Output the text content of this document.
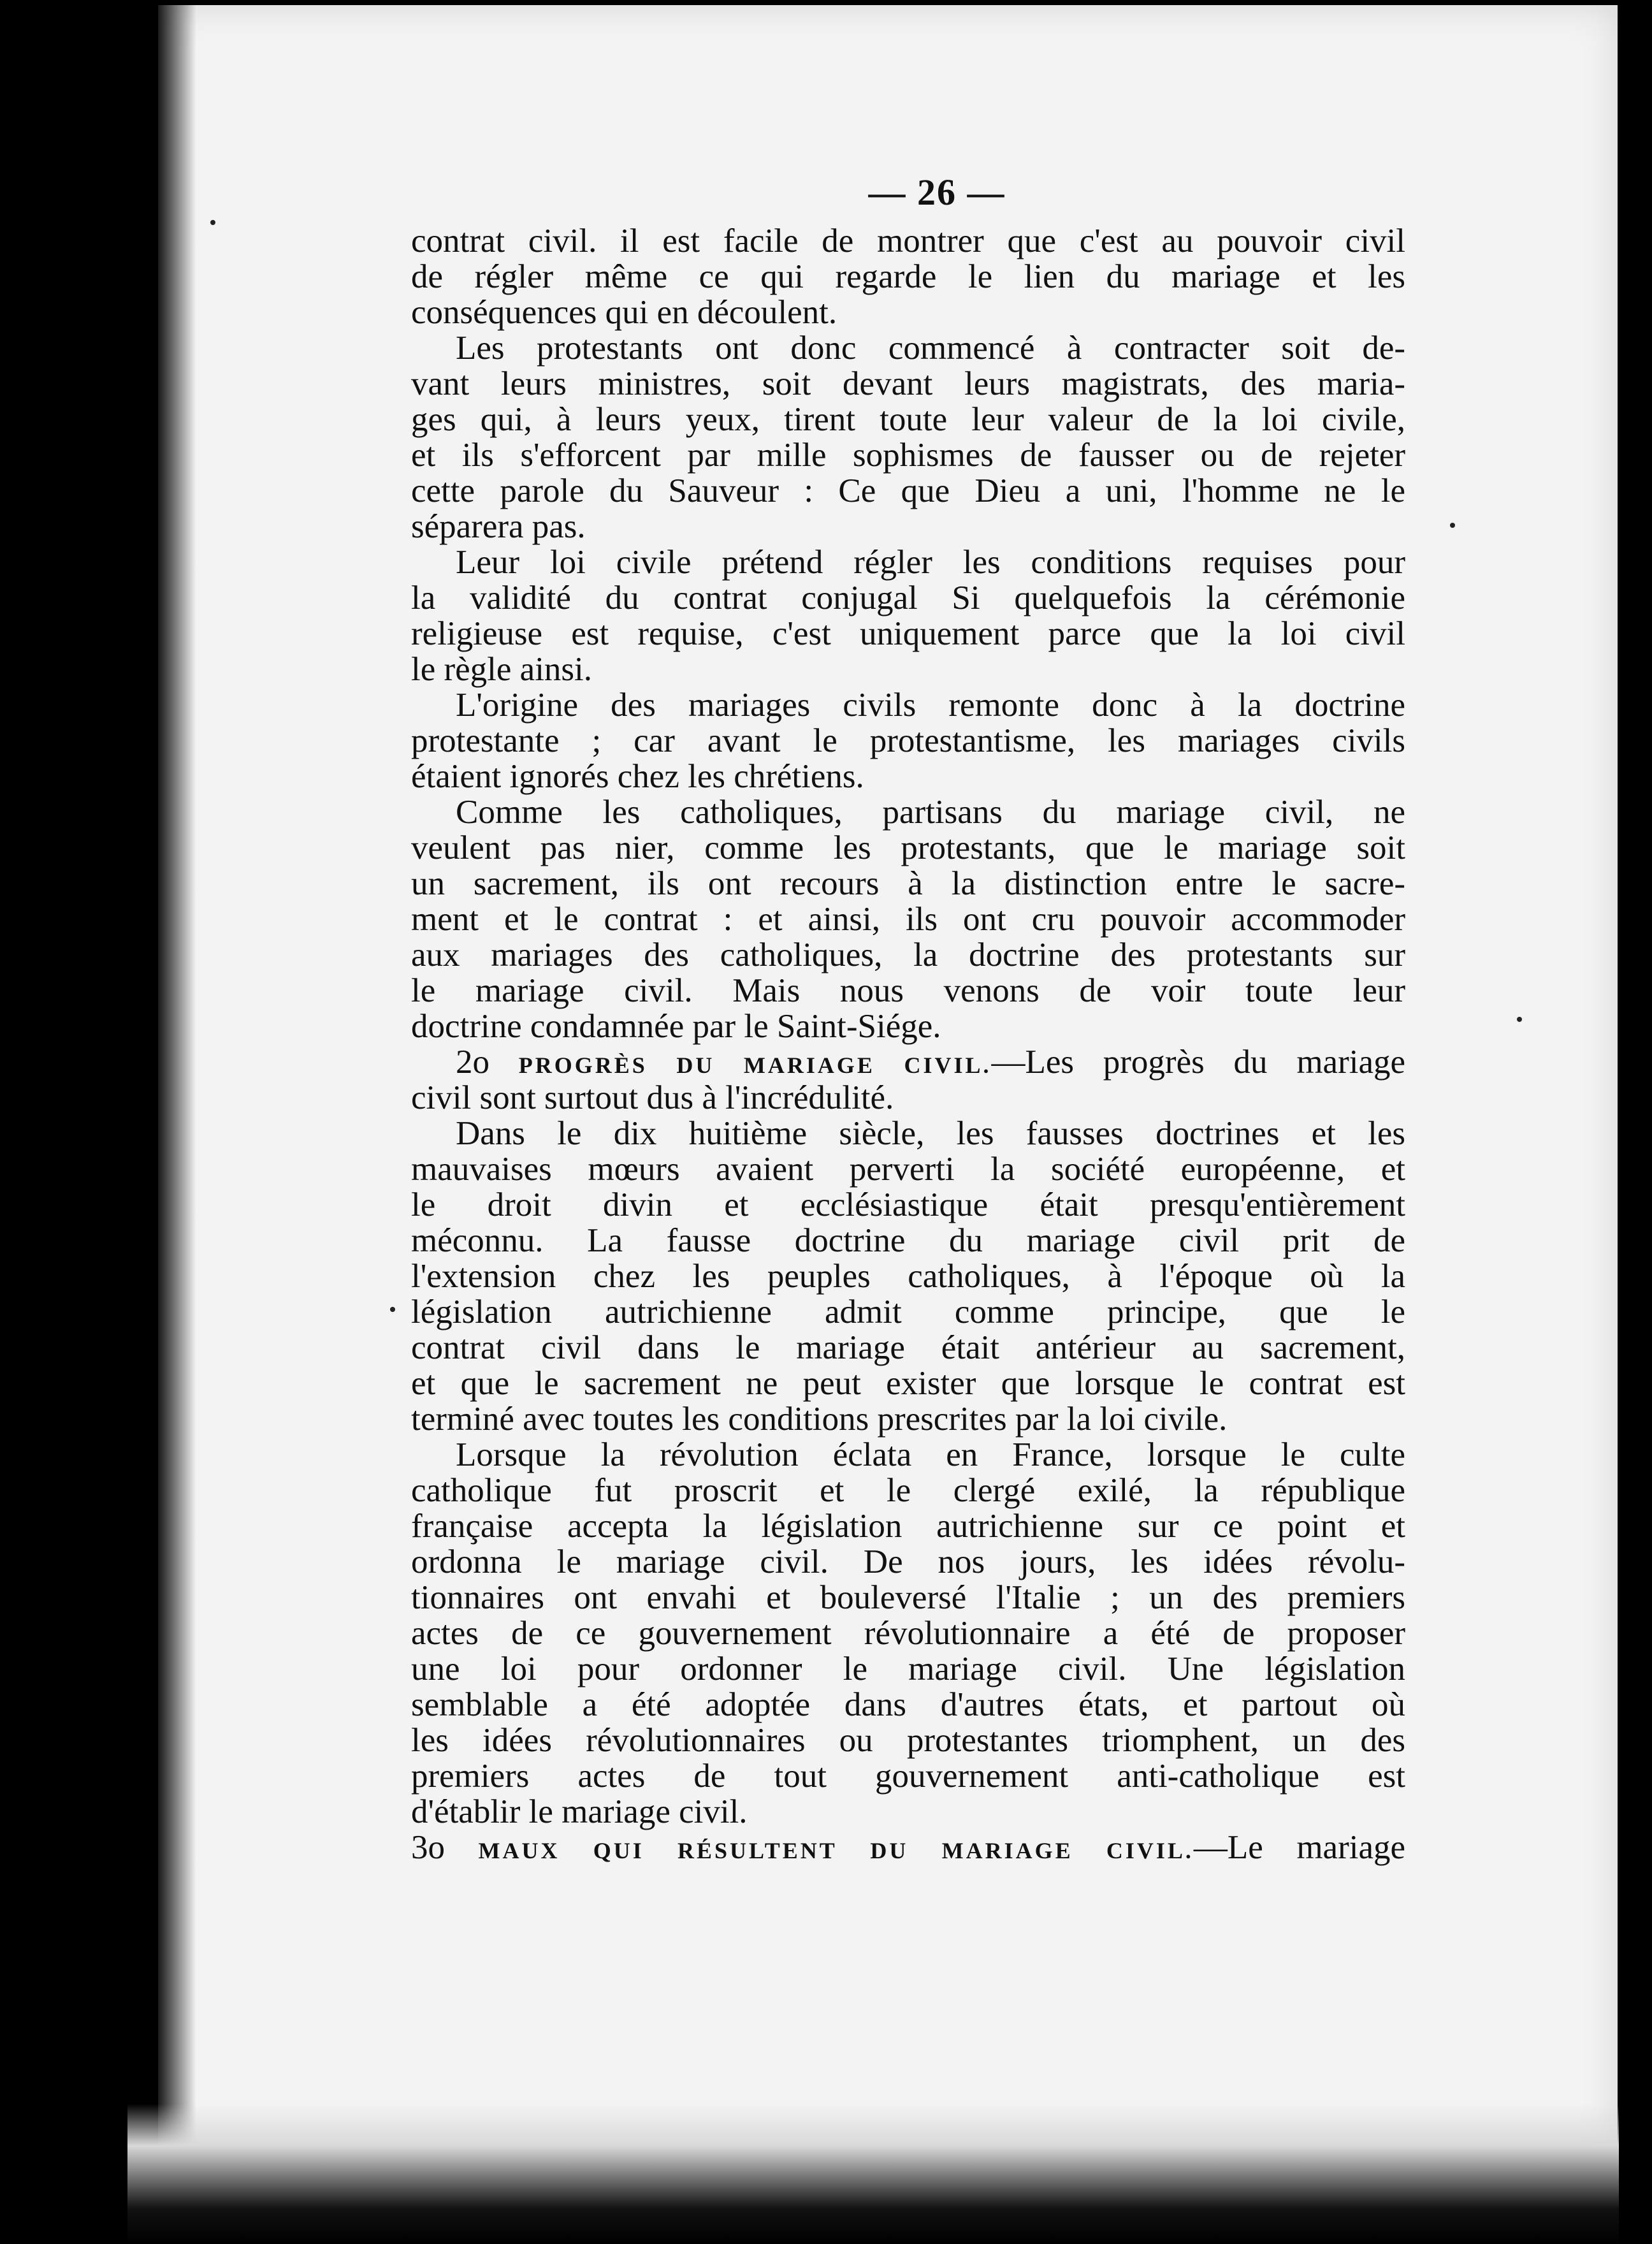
— 26 —
contrat civil. il est facile de montrer que c'est au pouvoir civil
de régler même ce qui regarde le lien du mariage et les
conséquences qui en découlent.
Les protestants ont donc commencé à contracter soit de-
vant leurs ministres, soit devant leurs magistrats, des maria-
ges qui, à leurs yeux, tirent toute leur valeur de la loi civile,
et ils s'efforcent par mille sophismes de fausser ou de rejeter
cette parole du Sauveur : Ce que Dieu a uni, l'homme ne le
séparera pas.
Leur loi civile prétend régler les conditions requises pour
la validité du contrat conjugal Si quelquefois la cérémonie
religieuse est requise, c'est uniquement parce que la loi civil
le règle ainsi.
L'origine des mariages civils remonte donc à la doctrine
protestante ; car avant le protestantisme, les mariages civils
étaient ignorés chez les chrétiens.
Comme les catholiques, partisans du mariage civil, ne
veulent pas nier, comme les protestants, que le mariage soit
un sacrement, ils ont recours à la distinction entre le sacre-
ment et le contrat : et ainsi, ils ont cru pouvoir accommoder
aux mariages des catholiques, la doctrine des protestants sur
le mariage civil. Mais nous venons de voir toute leur
doctrine condamnée par le Saint-Siége.
2o PROGRÈS DU MARIAGE CIVIL.—Les progrès du mariage
civil sont surtout dus à l'incrédulité.
Dans le dix huitième siècle, les fausses doctrines et les
mauvaises mœurs avaient perverti la société européenne, et
le droit divin et ecclésiastique était presqu'entièrement
méconnu. La fausse doctrine du mariage civil prit de
l'extension chez les peuples catholiques, à l'époque où la
législation autrichienne admit comme principe, que le
contrat civil dans le mariage était antérieur au sacrement,
et que le sacrement ne peut exister que lorsque le contrat est
terminé avec toutes les conditions prescrites par la loi civile.
Lorsque la révolution éclata en France, lorsque le culte
catholique fut proscrit et le clergé exilé, la république
française accepta la législation autrichienne sur ce point et
ordonna le mariage civil. De nos jours, les idées révolu-
tionnaires ont envahi et bouleversé l'Italie ; un des premiers
actes de ce gouvernement révolutionnaire a été de proposer
une loi pour ordonner le mariage civil. Une législation
semblable a été adoptée dans d'autres états, et partout où
les idées révolutionnaires ou protestantes triomphent, un des
premiers actes de tout gouvernement anti-catholique est
d'établir le mariage civil.
3o MAUX QUI RÉSULTENT DU MARIAGE CIVIL.—Le mariage
